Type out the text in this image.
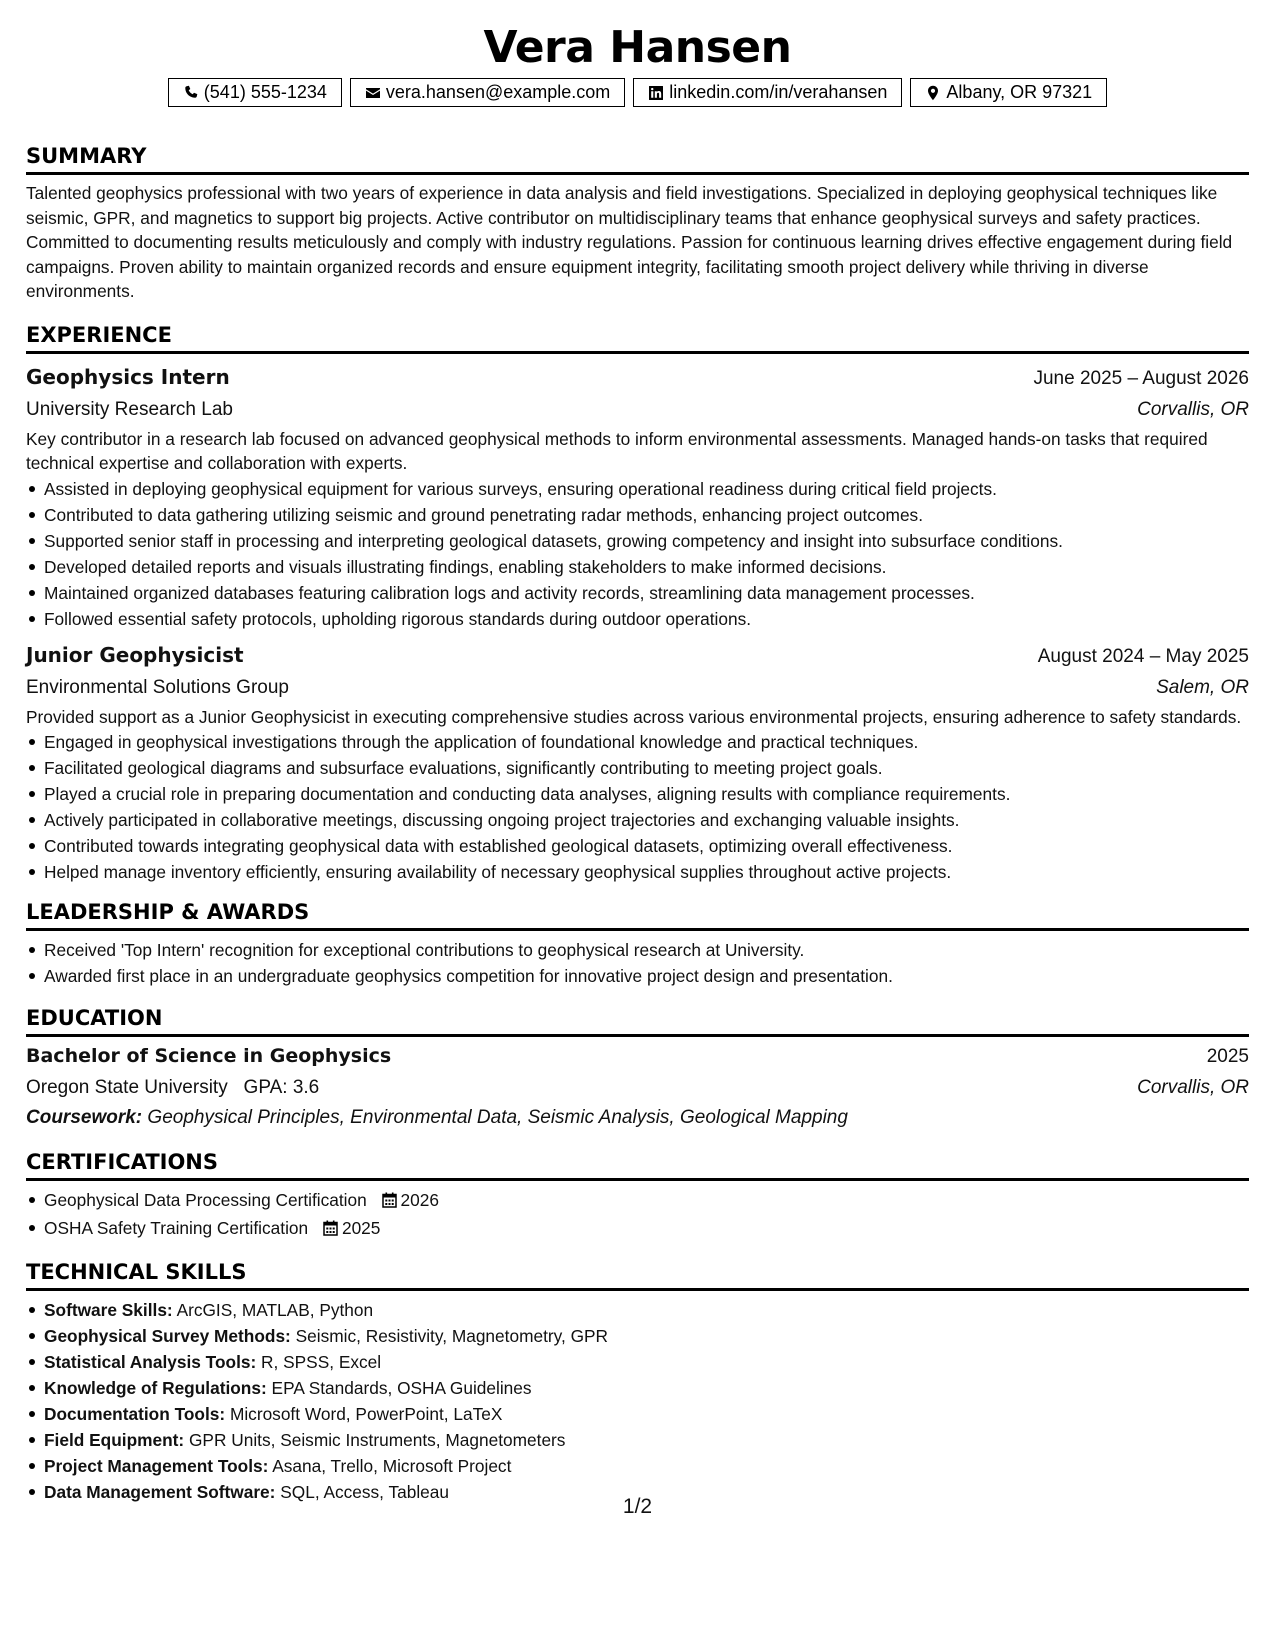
Vera Hansen
(541) 555-1234	vera.hansen@example.com	linkedin.com/in/verahansen	Albany, OR 97321
SUMMARY
Talented geophysics professional with two years of experience in data analysis and field investigations. Specialized in deploying geophysical techniques like seismic, GPR, and magnetics to support big projects. Active contributor on multidisciplinary teams that enhance geophysical surveys and safety practices. Committed to documenting results meticulously and comply with industry regulations. Passion for continuous learning drives effective engagement during field campaigns. Proven ability to maintain organized records and ensure equipment integrity, facilitating smooth project delivery while thriving in diverse environments.
EXPERIENCE
Geophysics Intern	June 2025 – August 2026
University Research Lab	Corvallis, OR
Key contributor in a research lab focused on advanced geophysical methods to inform environmental assessments. Managed hands-on tasks that required technical expertise and collaboration with experts.
Assisted in deploying geophysical equipment for various surveys, ensuring operational readiness during critical field projects.
Contributed to data gathering utilizing seismic and ground penetrating radar methods, enhancing project outcomes.
Supported senior staff in processing and interpreting geological datasets, growing competency and insight into subsurface conditions.
Developed detailed reports and visuals illustrating findings, enabling stakeholders to make informed decisions.
Maintained organized databases featuring calibration logs and activity records, streamlining data management processes.
Followed essential safety protocols, upholding rigorous standards during outdoor operations.
Junior Geophysicist	August 2024 – May 2025
Environmental Solutions Group	Salem, OR
Provided support as a Junior Geophysicist in executing comprehensive studies across various environmental projects, ensuring adherence to safety standards.
Engaged in geophysical investigations through the application of foundational knowledge and practical techniques.
Facilitated geological diagrams and subsurface evaluations, significantly contributing to meeting project goals.
Played a crucial role in preparing documentation and conducting data analyses, aligning results with compliance requirements.
Actively participated in collaborative meetings, discussing ongoing project trajectories and exchanging valuable insights.
Contributed towards integrating geophysical data with established geological datasets, optimizing overall effectiveness.
Helped manage inventory efficiently, ensuring availability of necessary geophysical supplies throughout active projects.
LEADERSHIP & AWARDS
Received 'Top Intern' recognition for exceptional contributions to geophysical research at University.
Awarded first place in an undergraduate geophysics competition for innovative project design and presentation.
EDUCATION
Bachelor of Science in Geophysics	2025
Oregon State University GPA: 3.6	Corvallis, OR
Coursework: Geophysical Principles, Environmental Data, Seismic Analysis, Geological Mapping
CERTIFICATIONS
Geophysical Data Processing Certification 2026
OSHA Safety Training Certification 2025
TECHNICAL SKILLS
Software Skills: ArcGIS, MATLAB, Python
Geophysical Survey Methods: Seismic, Resistivity, Magnetometry, GPR
Statistical Analysis Tools: R, SPSS, Excel
Knowledge of Regulations: EPA Standards, OSHA Guidelines
Documentation Tools: Microsoft Word, PowerPoint, LaTeX
Field Equipment: GPR Units, Seismic Instruments, Magnetometers
Project Management Tools: Asana, Trello, Microsoft Project
Data Management Software: SQL, Access, Tableau
1/2
